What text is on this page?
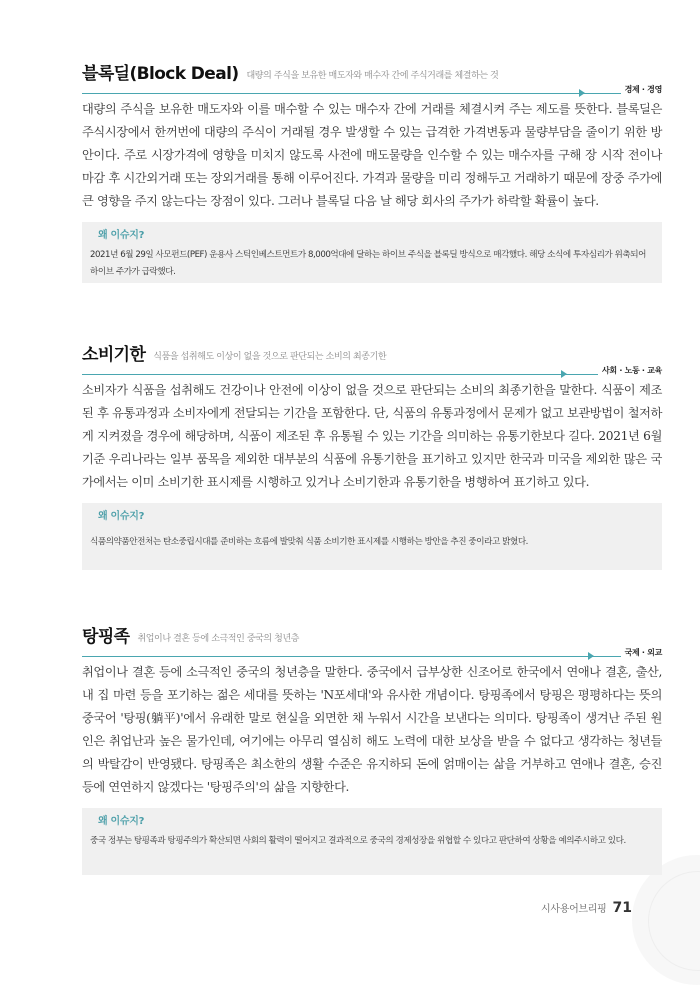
블록딜(Block Deal) 대량의 주식을 보유한 매도자와 매수자 간에 주식거래를 체결하는 것
경제 · 경영
대량의 주식을 보유한 매도자와 이를 매수할 수 있는 매수자 간에 거래를 체결시켜 주는 제도를 뜻한다. 블록딜은 주식시장에서 한꺼번에 대량의 주식이 거래될 경우 발생할 수 있는 급격한 가격변동과 물량부담을 줄이기 위한 방안이다. 주로 시장가격에 영향을 미치지 않도록 사전에 매도물량을 인수할 수 있는 매수자를 구해 장 시작 전이나 마감 후 시간외거래 또는 장외거래를 통해 이루어진다. 가격과 물량을 미리 정해두고 거래하기 때문에 장중 주가에 큰 영향을 주지 않는다는 장점이 있다. 그러나 블록딜 다음 날 해당 회사의 주가가 하락할 확률이 높다.
왜 이슈지?
2021년 6월 29일 사모펀드(PEF) 운용사 스틱인베스트먼트가 8,000억대에 달하는 하이브 주식을 블록딜 방식으로 매각했다. 해당 소식에 투자심리가 위축되어 하이브 주가가 급락했다.
소비기한 식품을 섭취해도 이상이 없을 것으로 판단되는 소비의 최종기한
사회 · 노동 · 교육
소비자가 식품을 섭취해도 건강이나 안전에 이상이 없을 것으로 판단되는 소비의 최종기한을 말한다. 식품이 제조된 후 유통과정과 소비자에게 전달되는 기간을 포함한다. 단, 식품의 유통과정에서 문제가 없고 보관방법이 철저하게 지켜졌을 경우에 해당하며, 식품이 제조된 후 유통될 수 있는 기간을 의미하는 유통기한보다 길다. 2021년 6월 기준 우리나라는 일부 품목을 제외한 대부분의 식품에 유통기한을 표기하고 있지만 한국과 미국을 제외한 많은 국가에서는 이미 소비기한 표시제를 시행하고 있거나 소비기한과 유통기한을 병행하여 표기하고 있다.
왜 이슈지?
식품의약품안전처는 탄소중립시대를 준비하는 흐름에 발맞춰 식품 소비기한 표시제를 시행하는 방안을 추진 중이라고 밝혔다.
탕핑족 취업이나 결혼 등에 소극적인 중국의 청년층
국제 · 외교
취업이나 결혼 등에 소극적인 중국의 청년층을 말한다. 중국에서 급부상한 신조어로 한국에서 연애나 결혼, 출산, 내 집 마련 등을 포기하는 젊은 세대를 뜻하는 'N포세대'와 유사한 개념이다. 탕핑족에서 탕핑은 평평하다는 뜻의 중국어 '탕핑(躺平)'에서 유래한 말로 현실을 외면한 채 누워서 시간을 보낸다는 의미다. 탕핑족이 생겨난 주된 원인은 취업난과 높은 물가인데, 여기에는 아무리 열심히 해도 노력에 대한 보상을 받을 수 없다고 생각하는 청년들의 박탈감이 반영됐다. 탕핑족은 최소한의 생활 수준은 유지하되 돈에 얽매이는 삶을 거부하고 연애나 결혼, 승진 등에 연연하지 않겠다는 '탕핑주의'의 삶을 지향한다.
왜 이슈지?
중국 정부는 탕핑족과 탕핑주의가 확산되면 사회의 활력이 떨어지고 결과적으로 중국의 경제성장을 위협할 수 있다고 판단하여 상황을 예의주시하고 있다.
시사용어브리핑 71
